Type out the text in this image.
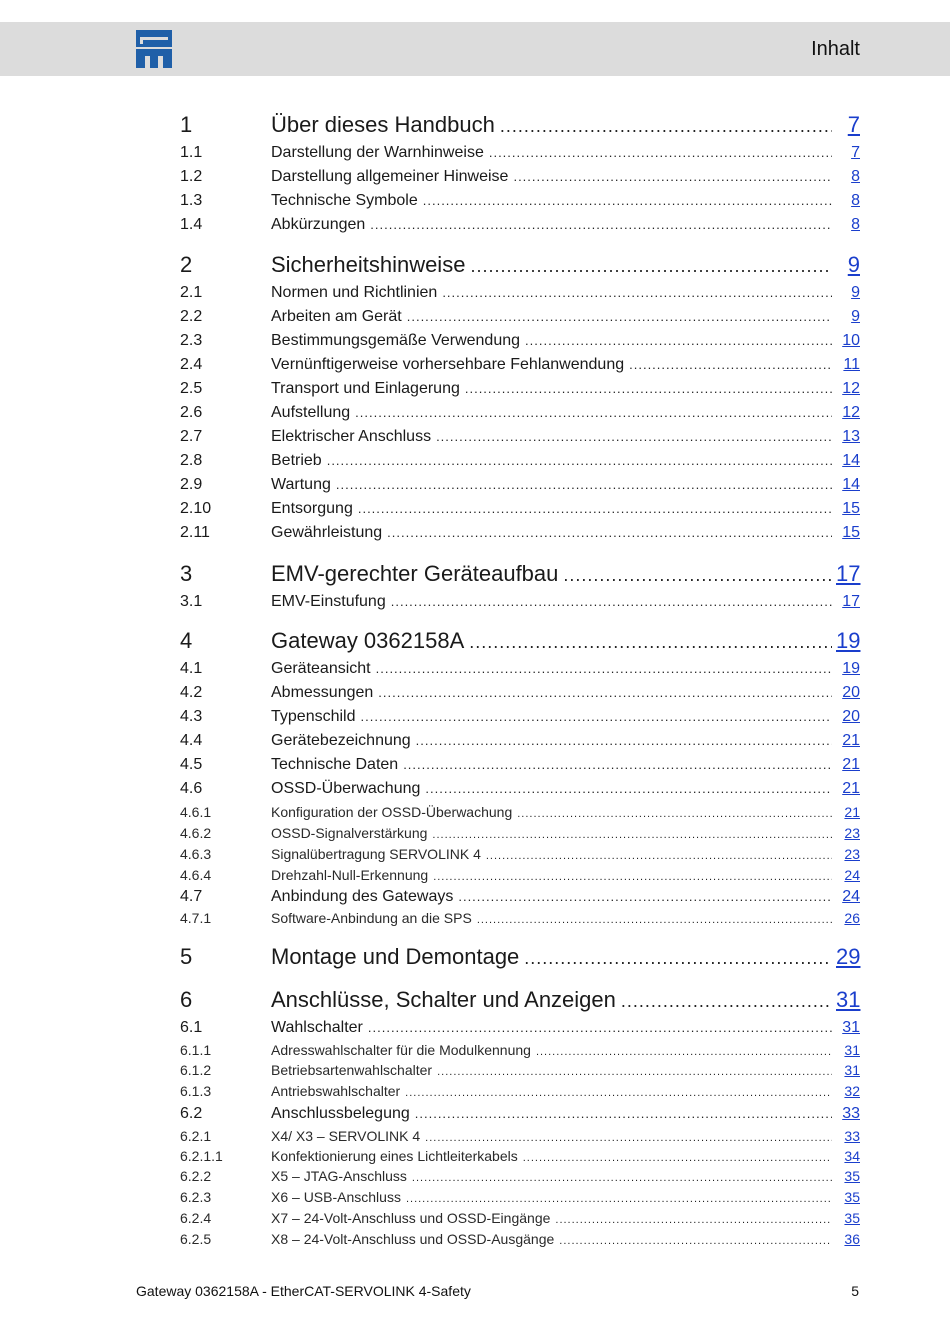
Inhalt
1	Über dieses Handbuch .....	7
1.1	Darstellung der Warnhinweise .....	7
1.2	Darstellung allgemeiner Hinweise .....	8
1.3	Technische Symbole .....	8
1.4	Abkürzungen .....	8
2	Sicherheitshinweise .....	9
2.1	Normen und Richtlinien .....	9
2.2	Arbeiten am Gerät .....	9
2.3	Bestimmungsgemäße Verwendung .....	10
2.4	Vernünftigerweise vorhersehbare Fehlanwendung .....	11
2.5	Transport und Einlagerung .....	12
2.6	Aufstellung .....	12
2.7	Elektrischer Anschluss .....	13
2.8	Betrieb .....	14
2.9	Wartung .....	14
2.10	Entsorgung .....	15
2.11	Gewährleistung .....	15
3	EMV-gerechter Geräteaufbau .....	17
3.1	EMV-Einstufung .....	17
4	Gateway 0362158A .....	19
4.1	Geräteansicht .....	19
4.2	Abmessungen .....	20
4.3	Typenschild .....	20
4.4	Gerätebezeichnung .....	21
4.5	Technische Daten .....	21
4.6	OSSD-Überwachung .....	21
4.6.1	Konfiguration der OSSD-Überwachung .....	21
4.6.2	OSSD-Signalverstärkung .....	23
4.6.3	Signalübertragung SERVOLINK 4 .....	23
4.6.4	Drehzahl-Null-Erkennung .....	24
4.7	Anbindung des Gateways .....	24
4.7.1	Software-Anbindung an die SPS .....	26
5	Montage und Demontage .....	29
6	Anschlüsse, Schalter und Anzeigen .....	31
6.1	Wahlschalter .....	31
6.1.1	Adresswahlschalter für die Modulkennung .....	31
6.1.2	Betriebsartenwahlschalter .....	31
6.1.3	Antriebswahlschalter .....	32
6.2	Anschlussbelegung .....	33
6.2.1	X4/ X3 – SERVOLINK 4 .....	33
6.2.1.1	Konfektionierung eines Lichtleiterkabels .....	34
6.2.2	X5 – JTAG-Anschluss .....	35
6.2.3	X6 – USB-Anschluss .....	35
6.2.4	X7 – 24-Volt-Anschluss und OSSD-Eingänge .....	35
6.2.5	X8 – 24-Volt-Anschluss und OSSD-Ausgänge .....	36
Gateway 0362158A - EtherCAT-SERVOLINK 4-Safety	5
